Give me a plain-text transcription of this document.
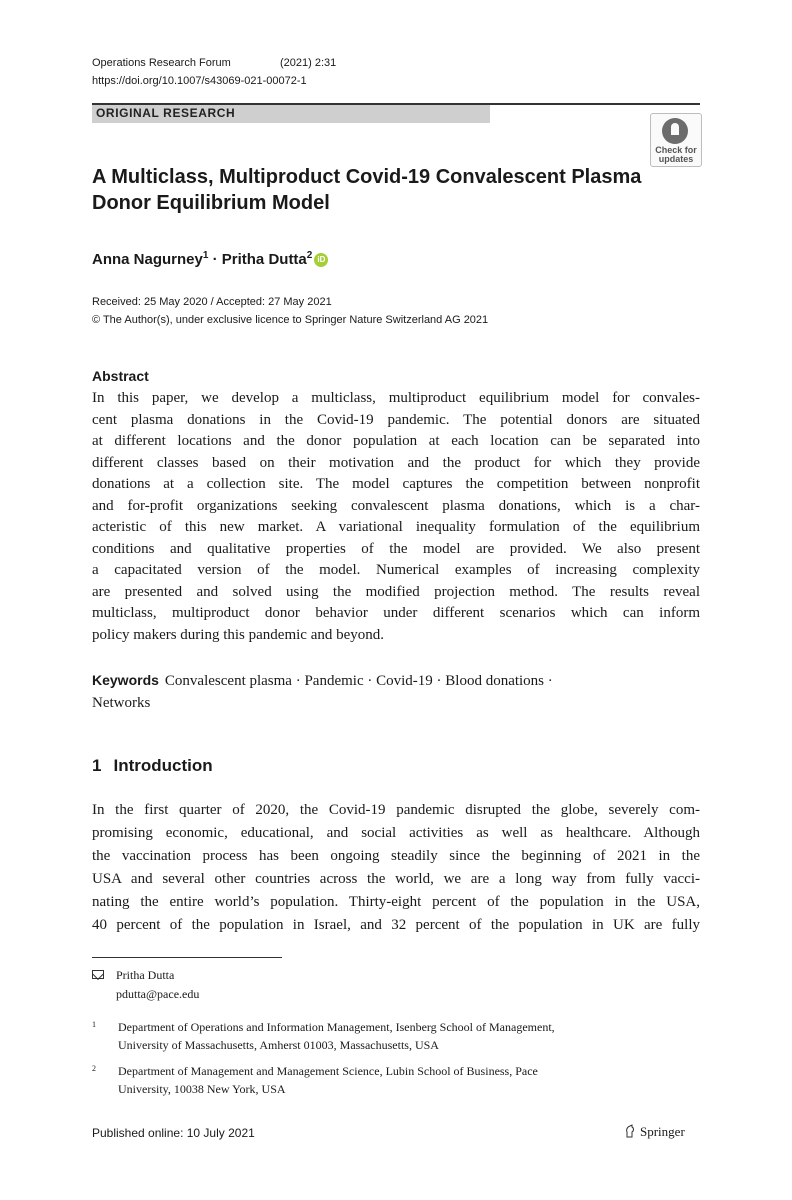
Operations Research Forum	(2021) 2:31
https://doi.org/10.1007/s43069-021-00072-1
ORIGINAL RESEARCH
Check for
updates
A Multiclass, Multiproduct Covid-19 Convalescent Plasma
Donor Equilibrium Model
Anna Nagurney$^1$ · Pritha Dutta$^2$ iD
Received: 25 May 2020 / Accepted: 27 May 2021
© The Author(s), under exclusive licence to Springer Nature Switzerland AG 2021
Abstract
In this paper, we develop a multiclass, multiproduct equilibrium model for convales-
cent plasma donations in the Covid-19 pandemic. The potential donors are situated
at different locations and the donor population at each location can be separated into
different classes based on their motivation and the product for which they provide
donations at a collection site. The model captures the competition between nonprofit
and for-profit organizations seeking convalescent plasma donations, which is a char-
acteristic of this new market. A variational inequality formulation of the equilibrium
conditions and qualitative properties of the model are provided. We also present
a capacitated version of the model. Numerical examples of increasing complexity
are presented and solved using the modified projection method. The results reveal
multiclass, multiproduct donor behavior under different scenarios which can inform
policy makers during this pandemic and beyond.
Keywords Convalescent plasma · Pandemic · Covid-19 · Blood donations ·
Networks
1 Introduction
In the first quarter of 2020, the Covid-19 pandemic disrupted the globe, severely com-
promising economic, educational, and social activities as well as healthcare. Although
the vaccination process has been ongoing steadily since the beginning of 2021 in the
USA and several other countries across the world, we are a long way from fully vacci-
nating the entire world’s population. Thirty-eight percent of the population in the USA,
40 percent of the population in Israel, and 32 percent of the population in UK are fully
Pritha Dutta
pdutta@pace.edu
1 Department of Operations and Information Management, Isenberg School of Management,
University of Massachusetts, Amherst 01003, Massachusetts, USA
2 Department of Management and Management Science, Lubin School of Business, Pace
University, 10038 New York, USA
Published online: 10 July 2021	Springer
